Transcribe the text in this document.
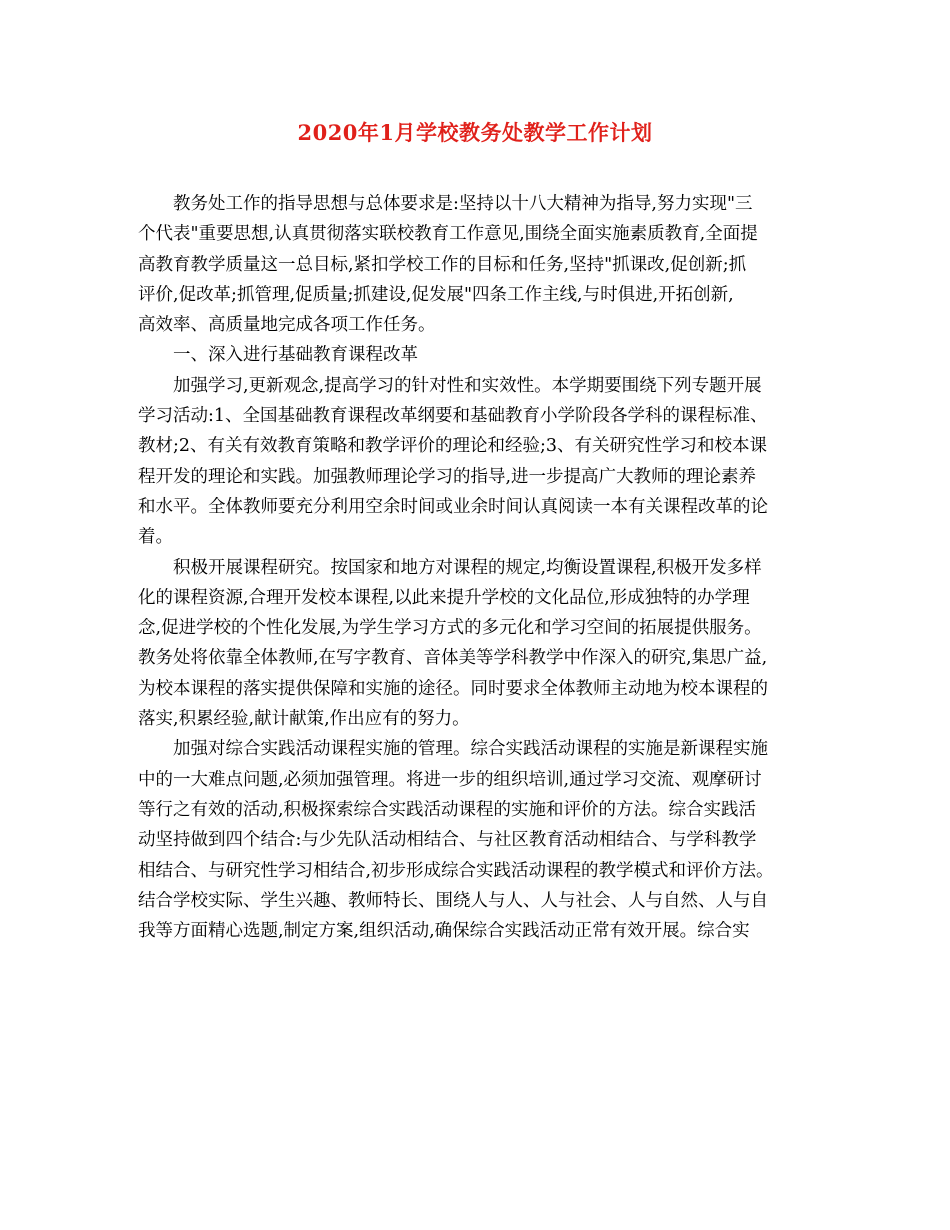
2020年1月学校教务处教学工作计划
教务处工作的指导思想与总体要求是:坚持以十八大精神为指导,努力实现"三
个代表"重要思想,认真贯彻落实联校教育工作意见,围绕全面实施素质教育,全面提
高教育教学质量这一总目标,紧扣学校工作的目标和任务,坚持"抓课改,促创新;抓
评价,促改革;抓管理,促质量;抓建设,促发展"四条工作主线,与时俱进,开拓创新,
高效率、高质量地完成各项工作任务。
一、深入进行基础教育课程改革
加强学习,更新观念,提高学习的针对性和实效性。本学期要围绕下列专题开展
学习活动:1、全国基础教育课程改革纲要和基础教育小学阶段各学科的课程标准、
教材;2、有关有效教育策略和教学评价的理论和经验;3、有关研究性学习和校本课
程开发的理论和实践。加强教师理论学习的指导,进一步提高广大教师的理论素养
和水平。全体教师要充分利用空余时间或业余时间认真阅读一本有关课程改革的论
着。
积极开展课程研究。按国家和地方对课程的规定,均衡设置课程,积极开发多样
化的课程资源,合理开发校本课程,以此来提升学校的文化品位,形成独特的办学理
念,促进学校的个性化发展,为学生学习方式的多元化和学习空间的拓展提供服务。
教务处将依靠全体教师,在写字教育、音体美等学科教学中作深入的研究,集思广益,
为校本课程的落实提供保障和实施的途径。同时要求全体教师主动地为校本课程的
落实,积累经验,献计献策,作出应有的努力。
加强对综合实践活动课程实施的管理。综合实践活动课程的实施是新课程实施
中的一大难点问题,必须加强管理。将进一步的组织培训,通过学习交流、观摩研讨
等行之有效的活动,积极探索综合实践活动课程的实施和评价的方法。综合实践活
动坚持做到四个结合:与少先队活动相结合、与社区教育活动相结合、与学科教学
相结合、与研究性学习相结合,初步形成综合实践活动课程的教学模式和评价方法。
结合学校实际、学生兴趣、教师特长、围绕人与人、人与社会、人与自然、人与自
我等方面精心选题,制定方案,组织活动,确保综合实践活动正常有效开展。综合实
